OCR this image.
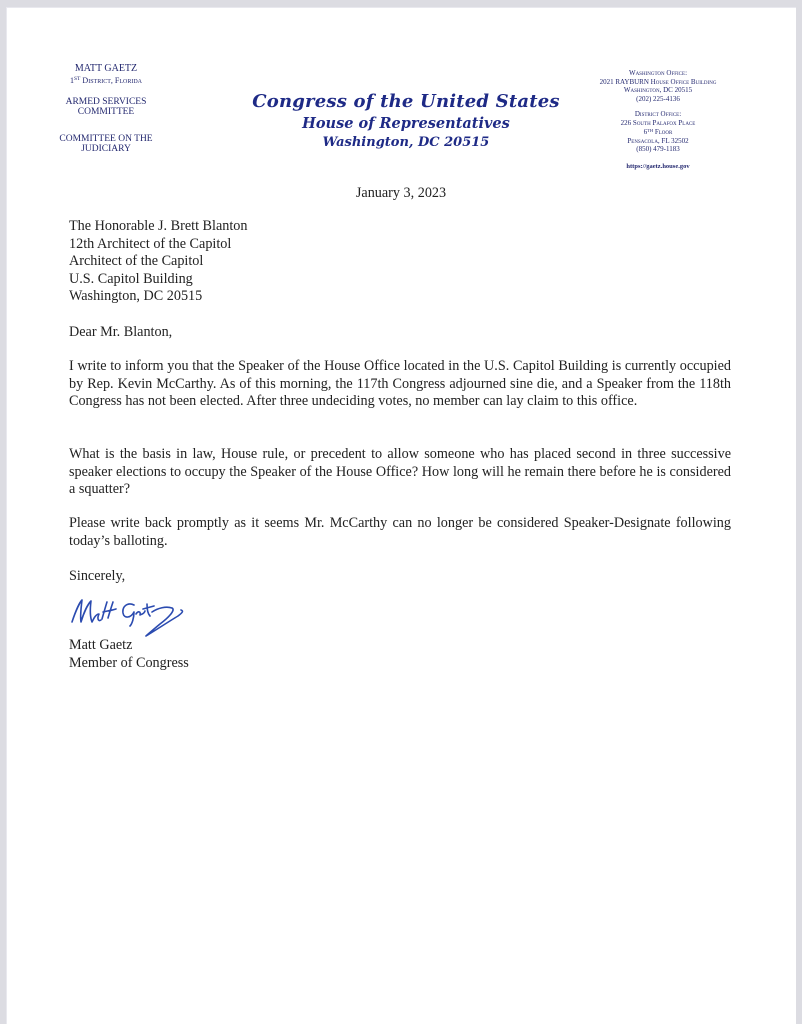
MATT GAETZ
1ST District, Florida
ARMED SERVICES
COMMITTEE
COMMITTEE ON THE
JUDICIARY
Congress of the United States
House of Representatives
Washington, DC 20515
Washington Office:
2021 RAYBURN House Office Building
Washington, DC 20515
(202) 225-4136
District Office:
226 South Palafox Place
6TH Floor
Pensacola, FL 32502
(850) 479-1183
https://gaetz.house.gov
January 3, 2023
The Honorable J. Brett Blanton
12th Architect of the Capitol
Architect of the Capitol
U.S. Capitol Building
Washington, DC 20515
Dear Mr. Blanton,
I write to inform you that the Speaker of the House Office located in the U.S. Capitol Building is currently occupied by Rep. Kevin McCarthy. As of this morning, the 117th Congress adjourned sine die, and a Speaker from the 118th Congress has not been elected. After three undeciding votes, no member can lay claim to this office.
What is the basis in law, House rule, or precedent to allow someone who has placed second in three successive speaker elections to occupy the Speaker of the House Office? How long will he remain there before he is considered a squatter?
Please write back promptly as it seems Mr. McCarthy can no longer be considered Speaker-Designate following today’s balloting.
Sincerely,
Matt Gaetz
Member of Congress
